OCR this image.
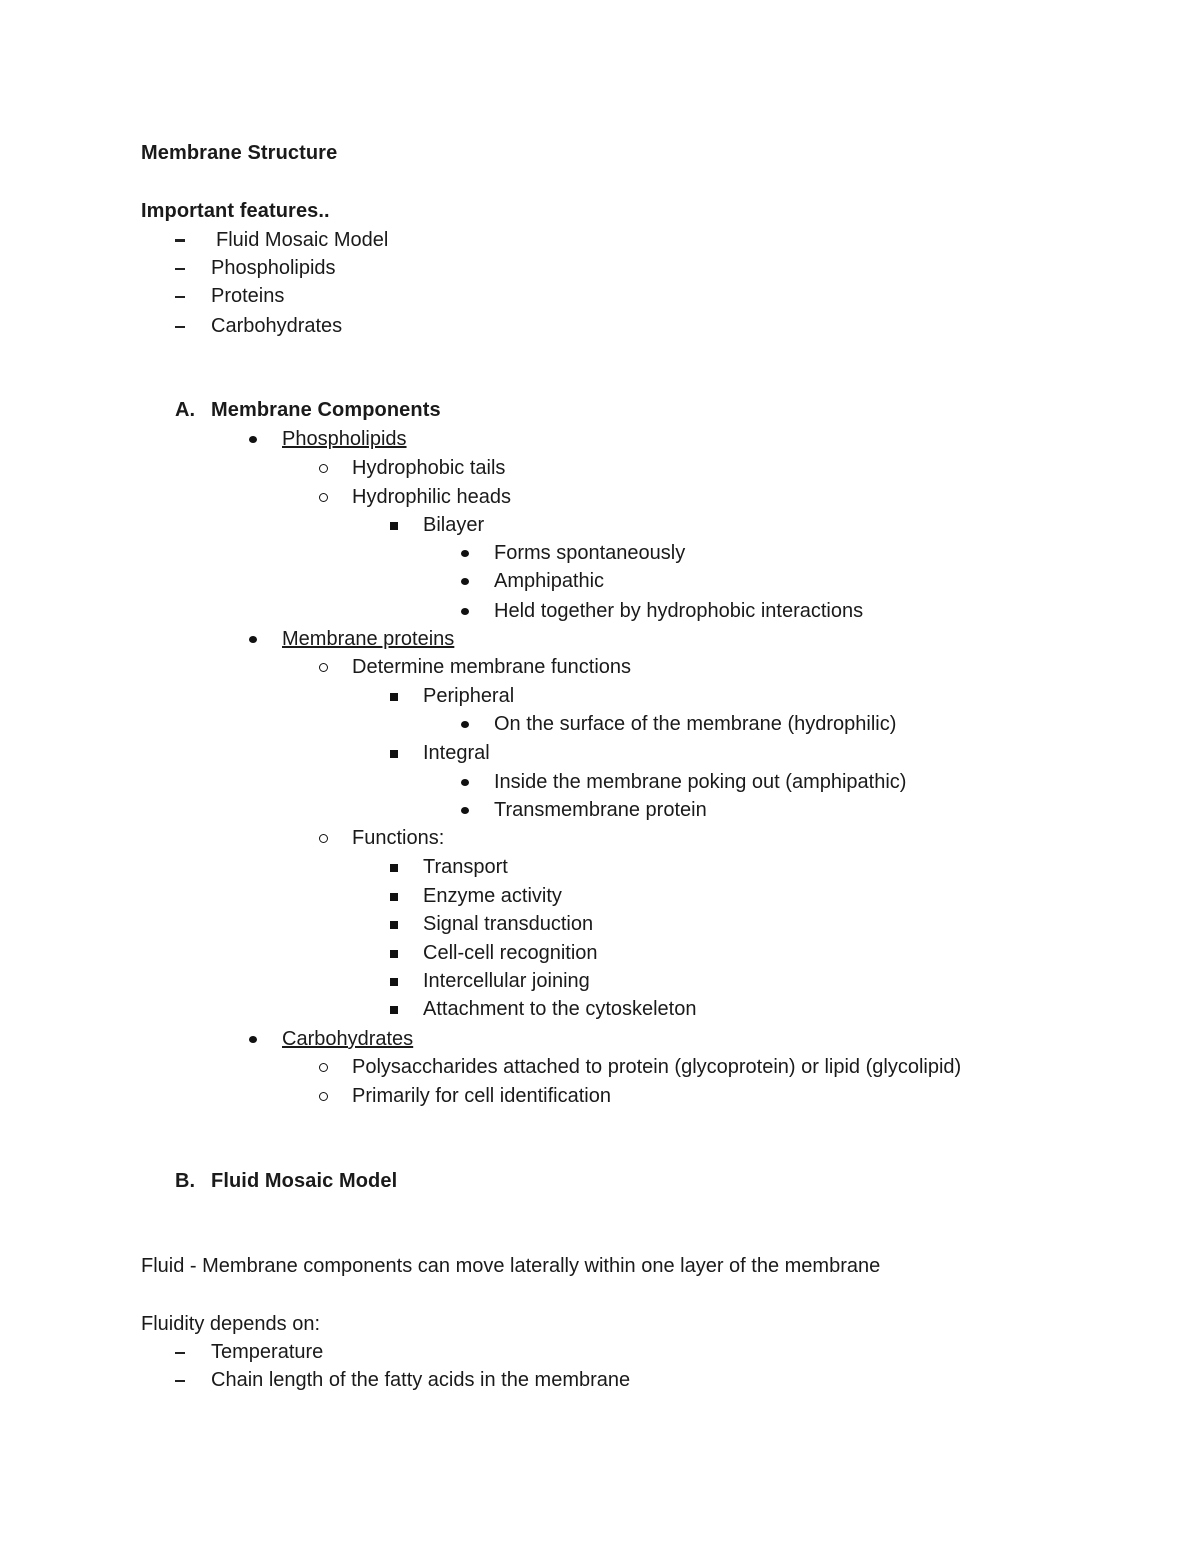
Membrane Structure
Important features..
Fluid Mosaic Model
Phospholipids
Proteins
Carbohydrates
A. Membrane Components
Phospholipids
Hydrophobic tails
Hydrophilic heads
Bilayer
Forms spontaneously
Amphipathic
Held together by hydrophobic interactions
Membrane proteins
Determine membrane functions
Peripheral
On the surface of the membrane (hydrophilic)
Integral
Inside the membrane poking out (amphipathic)
Transmembrane protein
Functions:
Transport
Enzyme activity
Signal transduction
Cell-cell recognition
Intercellular joining
Attachment to the cytoskeleton
Carbohydrates
Polysaccharides attached to protein (glycoprotein) or lipid (glycolipid)
Primarily for cell identification
B. Fluid Mosaic Model
Fluid - Membrane components can move laterally within one layer of the membrane
Fluidity depends on:
Temperature
Chain length of the fatty acids in the membrane
